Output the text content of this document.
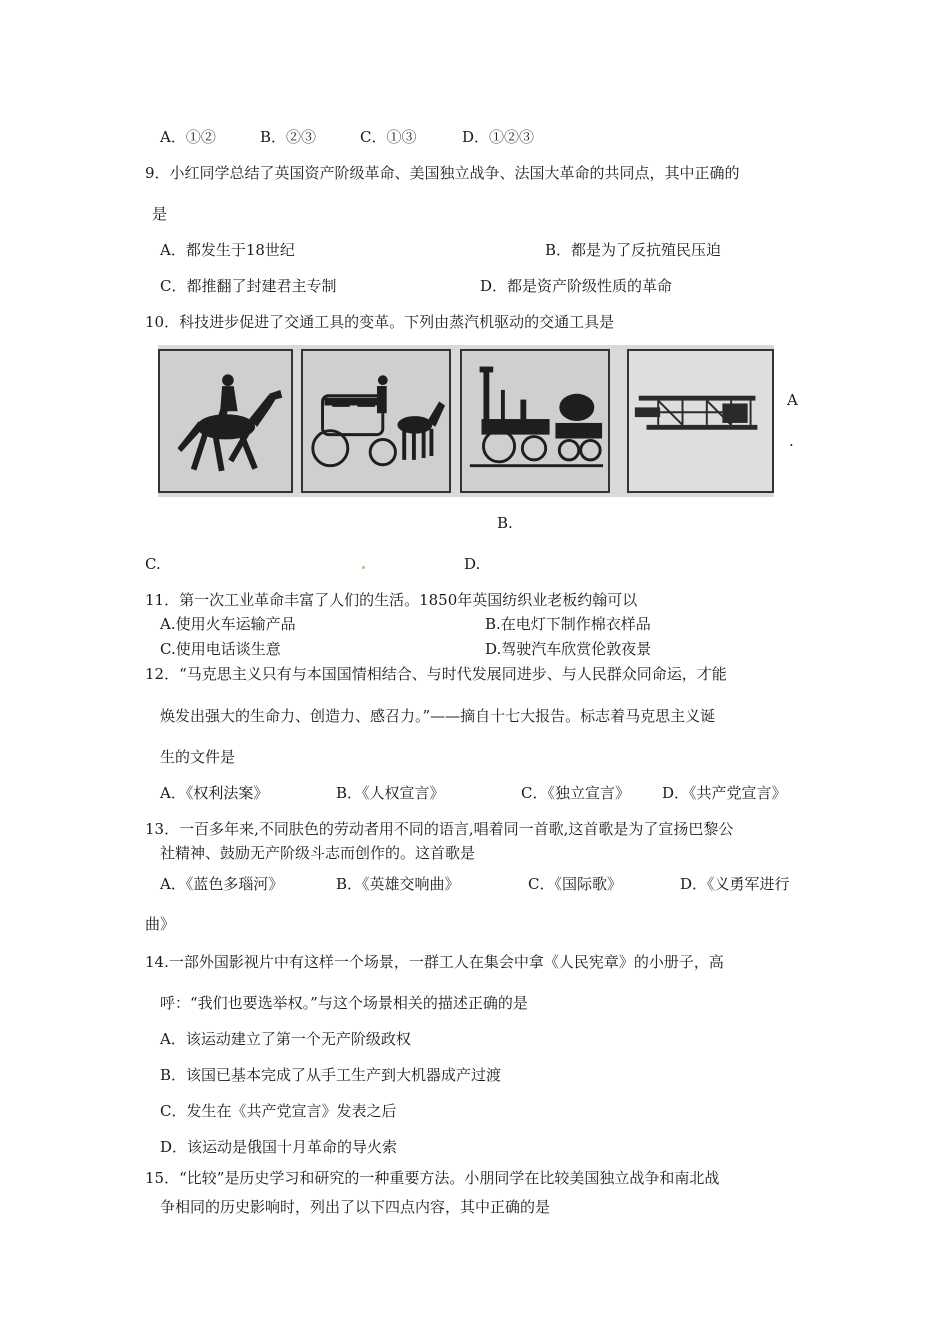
A．①②	B．②③	C．①③	D．①②③
9．小红同学总结了英国资产阶级革命、美国独立战争、法国大革命的共同点，其中正确的
是
A．都发生于18世纪	B．都是为了反抗殖民压迫
C．都推翻了封建君主专制	D．都是资产阶级性质的革命
10．科技进步促进了交通工具的变革。下列由蒸汽机驱动的交通工具是
A
.
B.
C.	D.
11．第一次工业革命丰富了人们的生活。1850年英国纺织业老板约翰可以
A.使用火车运输产品	B.在电灯下制作棉衣样品
C.使用电话谈生意	D.驾驶汽车欣赏伦敦夜景
12．“马克思主义只有与本国国情相结合、与时代发展同进步、与人民群众同命运，才能
焕发出强大的生命力、创造力、感召力。”——摘自十七大报告。标志着马克思主义诞
生的文件是
A．《权利法案》	B．《人权宣言》	C．《独立宣言》 D．《共产党宣言》
13．一百多年来,不同肤色的劳动者用不同的语言,唱着同一首歌,这首歌是为了宣扬巴黎公
社精神、鼓励无产阶级斗志而创作的。这首歌是
A．《蓝色多瑙河》	B．《英雄交响曲》	C．《国际歌》	D．《义勇军进行
曲》
14.一部外国影视片中有这样一个场景，一群工人在集会中拿《人民宪章》的小册子，高
呼：“我们也要选举权。”与这个场景相关的描述正确的是
A．该运动建立了第一个无产阶级政权
B．该国已基本完成了从手工生产到大机器成产过渡
C．发生在《共产党宣言》发表之后
D．该运动是俄国十月革命的导火索
15．“比较”是历史学习和研究的一种重要方法。小朋同学在比较美国独立战争和南北战
争相同的历史影响时，列出了以下四点内容，其中正确的是
